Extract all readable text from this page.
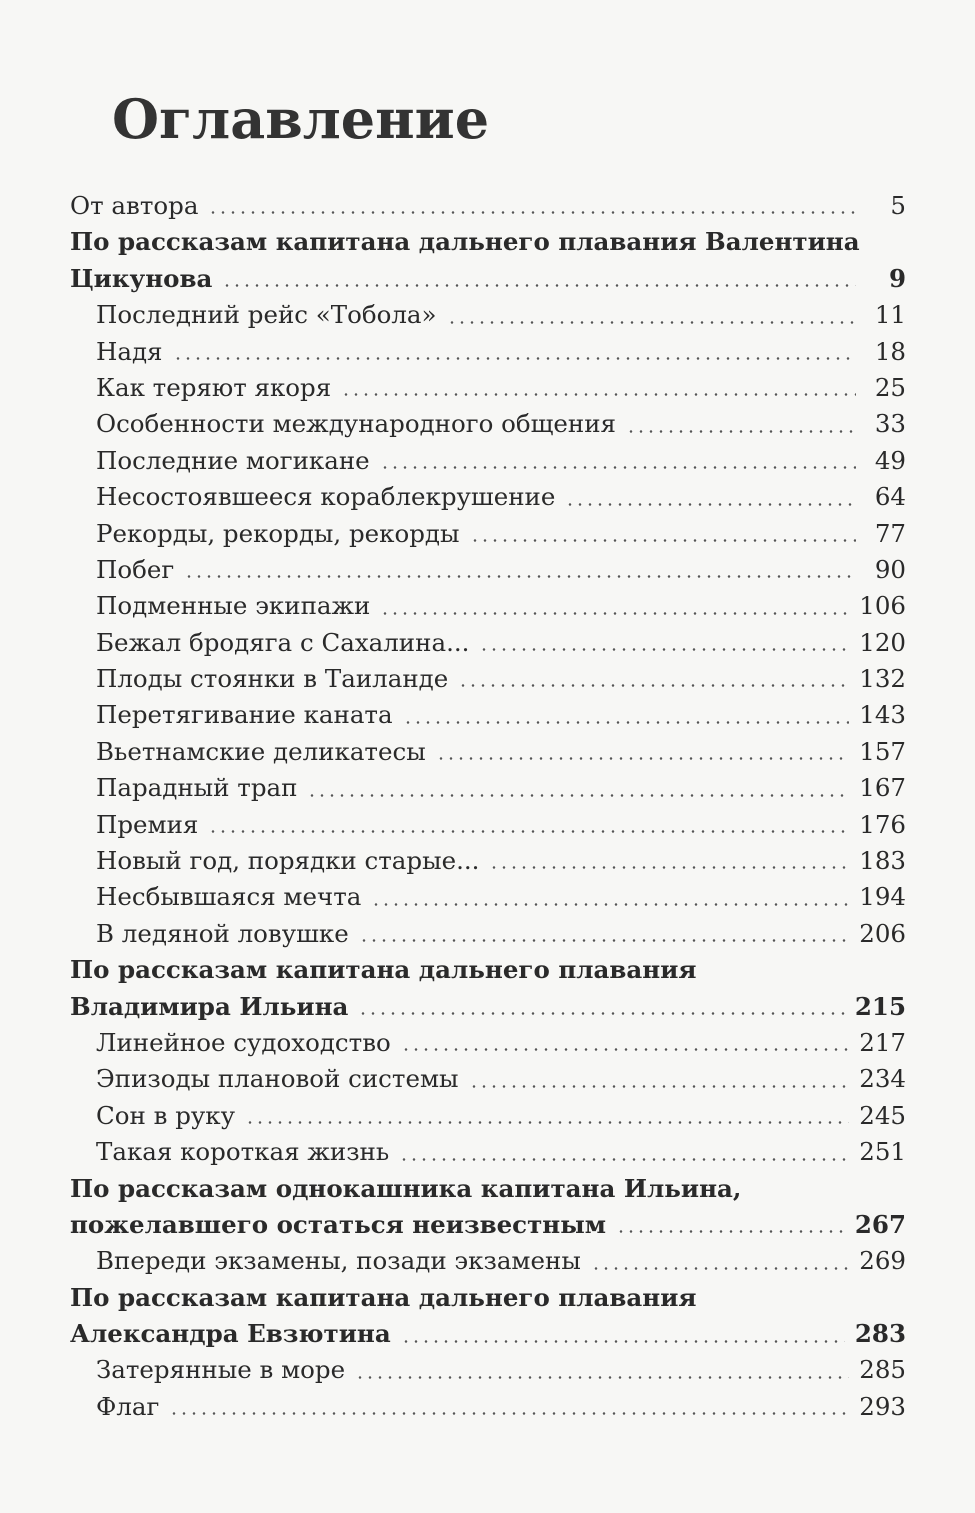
Оглавление
От автора	5
По рассказам капитана дальнего плавания Валентина
Цикунова	9
Последний рейс «Тобола»	11
Надя	18
Как теряют якоря	25
Особенности международного общения	33
Последние могикане	49
Несостоявшееся кораблекрушение	64
Рекорды, рекорды, рекорды	77
Побег	90
Подменные экипажи	106
Бежал бродяга с Сахалина...	120
Плоды стоянки в Таиланде	132
Перетягивание каната	143
Вьетнамские деликатесы	157
Парадный трап	167
Премия	176
Новый год, порядки старые...	183
Несбывшаяся мечта	194
В ледяной ловушке	206
По рассказам капитана дальнего плавания
Владимира Ильина	215
Линейное судоходство	217
Эпизоды плановой системы	234
Сон в руку	245
Такая короткая жизнь	251
По рассказам однокашника капитана Ильина,
пожелавшего остаться неизвестным	267
Впереди экзамены, позади экзамены	269
По рассказам капитана дальнего плавания
Александра Евзютина	283
Затерянные в море	285
Флаг	293
